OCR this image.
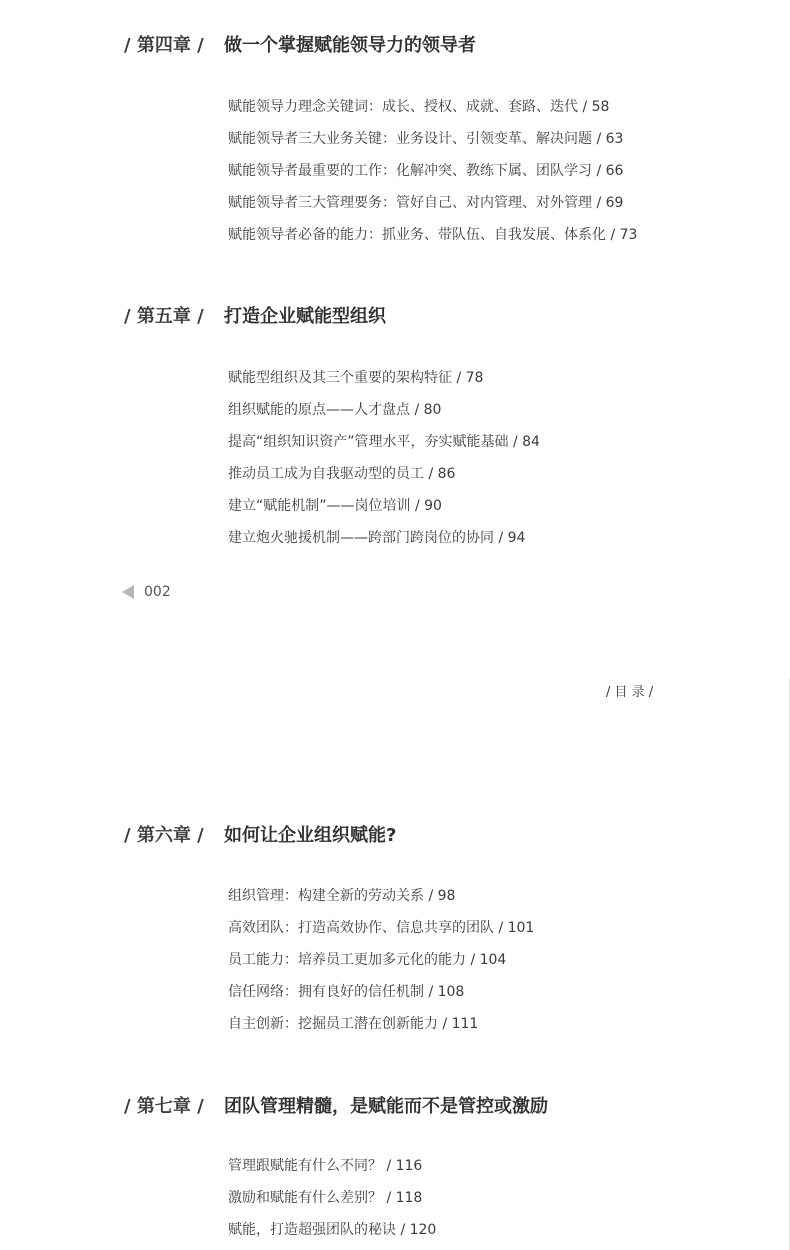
/ 第四章 /	做一个掌握赋能领导力的领导者
赋能领导力理念关键词：成长、授权、成就、套路、迭代 / 58
赋能领导者三大业务关键：业务设计、引领变革、解决问题 / 63
赋能领导者最重要的工作：化解冲突、教练下属、团队学习 / 66
赋能领导者三大管理要务：管好自己、对内管理、对外管理 / 69
赋能领导者必备的能力：抓业务、带队伍、自我发展、体系化 / 73
/ 第五章 /	打造企业赋能型组织
赋能型组织及其三个重要的架构特征 / 78
组织赋能的原点——人才盘点 / 80
提高“组织知识资产”管理水平，夯实赋能基础 / 84
推动员工成为自我驱动型的员工 / 86
建立“赋能机制”——岗位培训 / 90
建立炮火驰援机制——跨部门跨岗位的协同 / 94
002
/ 目 录 /
/ 第六章 /	如何让企业组织赋能?
组织管理：构建全新的劳动关系 / 98
高效团队：打造高效协作、信息共享的团队 / 101
员工能力：培养员工更加多元化的能力 / 104
信任网络：拥有良好的信任机制 / 108
自主创新：挖掘员工潜在创新能力 / 111
/ 第七章 /	团队管理精髓，是赋能而不是管控或激励
管理跟赋能有什么不同？ / 116
激励和赋能有什么差别？ / 118
赋能，打造超强团队的秘诀 / 120
